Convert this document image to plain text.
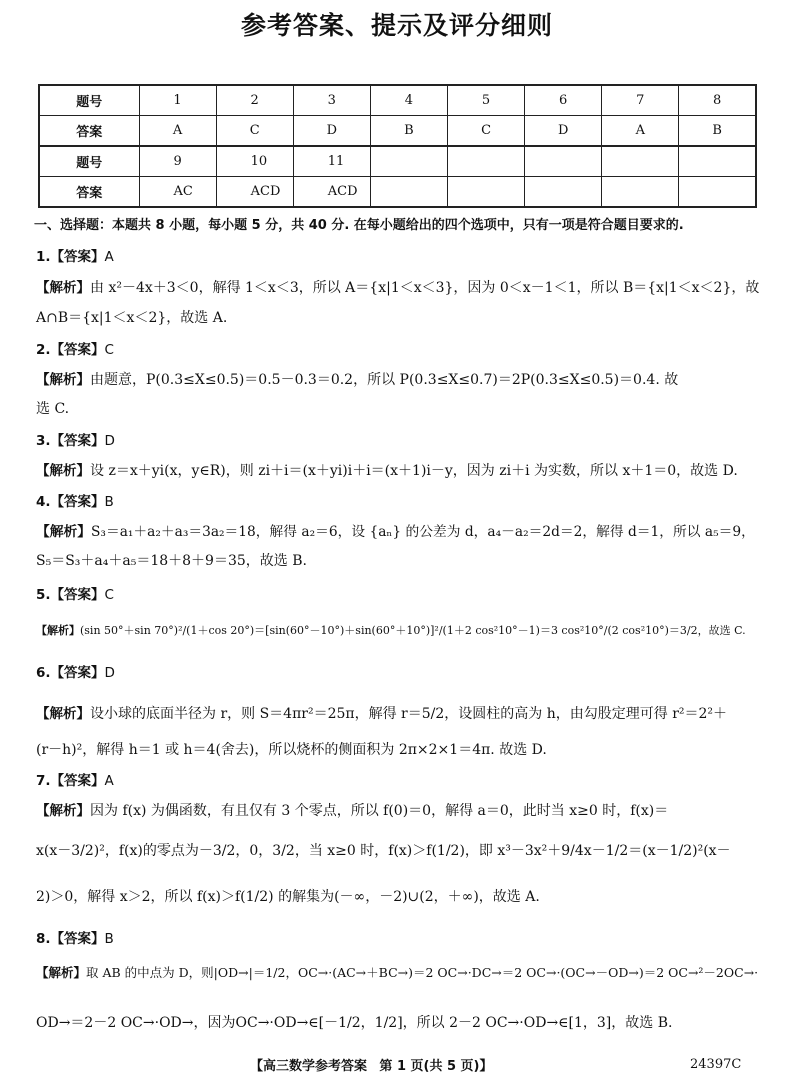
参考答案、提示及评分细则
题号	1	2	3	4	5	6	7	8
答案	A	C	D	B	C	D	A	B
题号	9	10	11					
答案	AC	ACD	ACD					
一、选择题：本题共 8 小题，每小题 5 分，共 40 分. 在每小题给出的四个选项中，只有一项是符合题目要求的.
1.【答案】A
【解析】由 x²－4x＋3＜0，解得 1＜x＜3，所以 A＝{x|1＜x＜3}，因为 0＜x－1＜1，所以 B＝{x|1＜x＜2}，故
A∩B＝{x|1＜x＜2}，故选 A.
2.【答案】C
【解析】由题意，P(0.3≤X≤0.5)＝0.5－0.3＝0.2，所以 P(0.3≤X≤0.7)＝2P(0.3≤X≤0.5)＝0.4. 故
选 C.
3.【答案】D
【解析】设 z＝x＋yi(x，y∈R)，则 zi＋i＝(x＋yi)i＋i＝(x＋1)i－y，因为 zi＋i 为实数，所以 x＋1＝0，故选 D.
4.【答案】B
【解析】S₃＝a₁＋a₂＋a₃＝3a₂＝18，解得 a₂＝6，设 {aₙ} 的公差为 d，a₄－a₂＝2d＝2，解得 d＝1，所以 a₅＝9，
S₅＝S₃＋a₄＋a₅＝18＋8＋9＝35，故选 B.
5.【答案】C
【解析】(sin 50°＋sin 70°)²/(1＋cos 20°)＝[sin(60°－10°)＋sin(60°＋10°)]²/(1＋2 cos²10°－1)＝3 cos²10°/(2 cos²10°)＝3/2，故选 C.
6.【答案】D
【解析】设小球的底面半径为 r，则 S＝4πr²＝25π，解得 r＝5/2，设圆柱的高为 h，由勾股定理可得 r²＝2²＋
(r－h)²，解得 h＝1 或 h＝4(舍去)，所以烧杯的侧面积为 2π×2×1＝4π. 故选 D.
7.【答案】A
【解析】因为 f(x) 为偶函数，有且仅有 3 个零点，所以 f(0)＝0，解得 a＝0，此时当 x≥0 时，f(x)＝
x(x－3/2)²，f(x)的零点为－3/2，0，3/2，当 x≥0 时，f(x)＞f(1/2)，即 x³－3x²＋9/4x－1/2＝(x－1/2)²(x－
2)＞0，解得 x＞2，所以 f(x)＞f(1/2) 的解集为(－∞，－2)∪(2，＋∞)，故选 A.
8.【答案】B
【解析】取 AB 的中点为 D，则|OD→|＝1/2，OC→·(AC→＋BC→)＝2 OC→·DC→＝2 OC→·(OC→－OD→)＝2 OC→²－2OC→·
OD→＝2－2 OC→·OD→，因为OC→·OD→∈[－1/2，1/2]，所以 2－2 OC→·OD→∈[1，3]，故选 B.
【高三数学参考答案 第 1 页(共 5 页)】	24397C
